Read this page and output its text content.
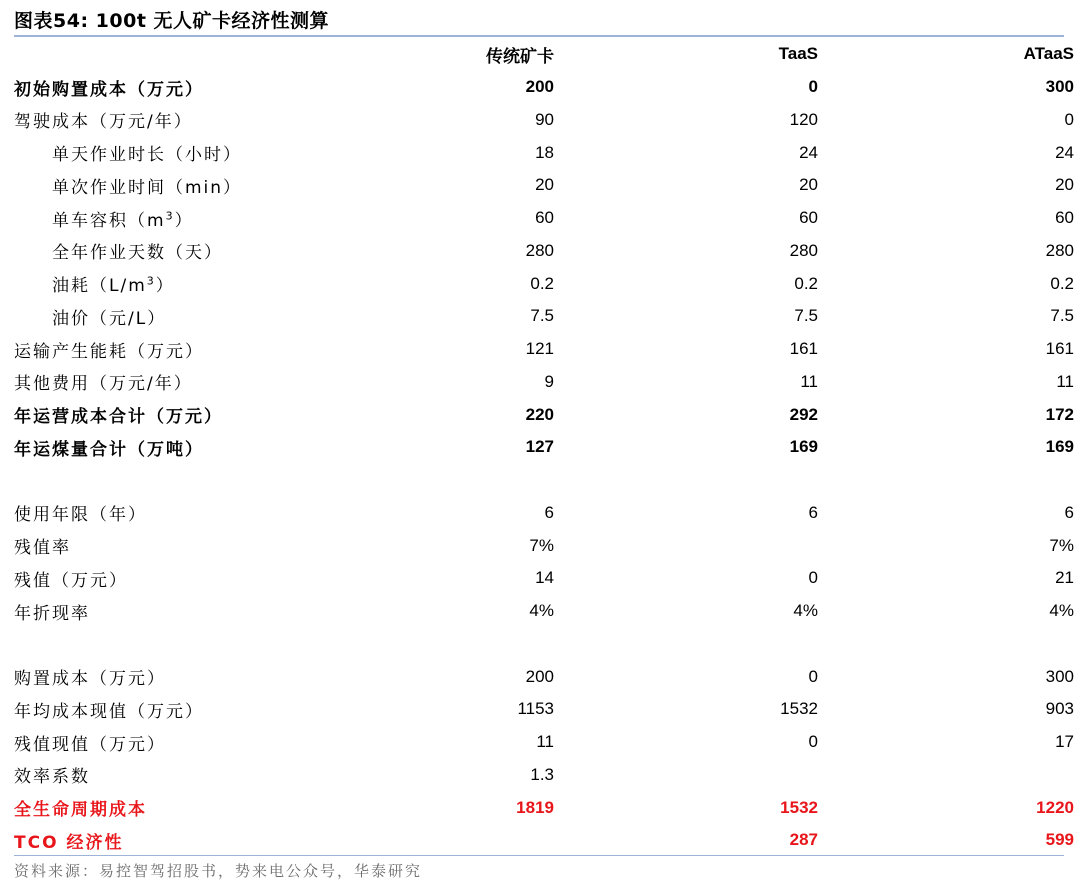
图表54: 100t 无人矿卡经济性测算
	传统矿卡	TaaS	ATaaS
初始购置成本（万元）	200	0	300
驾驶成本（万元/年）	90	120	0
单天作业时长（小时）	18	24	24
单次作业时间（min）	20	20	20
单车容积$(m^3)$	60	60	60
全年作业天数（天）	280	280	280
油耗$(L/m^3)$	0.2	0.2	0.2
油价（元/L）	7.5	7.5	7.5
运输产生能耗（万元）	121	161	161
其他费用（万元/年）	9	11	11
年运营成本合计（万元）	220	292	172
年运煤量合计（万吨）	127	169	169

使用年限（年）	6	6	6
残值率	7%		7%
残值（万元）	14	0	21
年折现率	4%	4%	4%

购置成本（万元）	200	0	300
年均成本现值（万元）	1153	1532	903
残值现值（万元）	11	0	17
效率系数	1.3		
全生命周期成本	1819	1532	1220
TCO 经济性		287	599
资料来源：易控智驾招股书，势来电公众号，华泰研究
